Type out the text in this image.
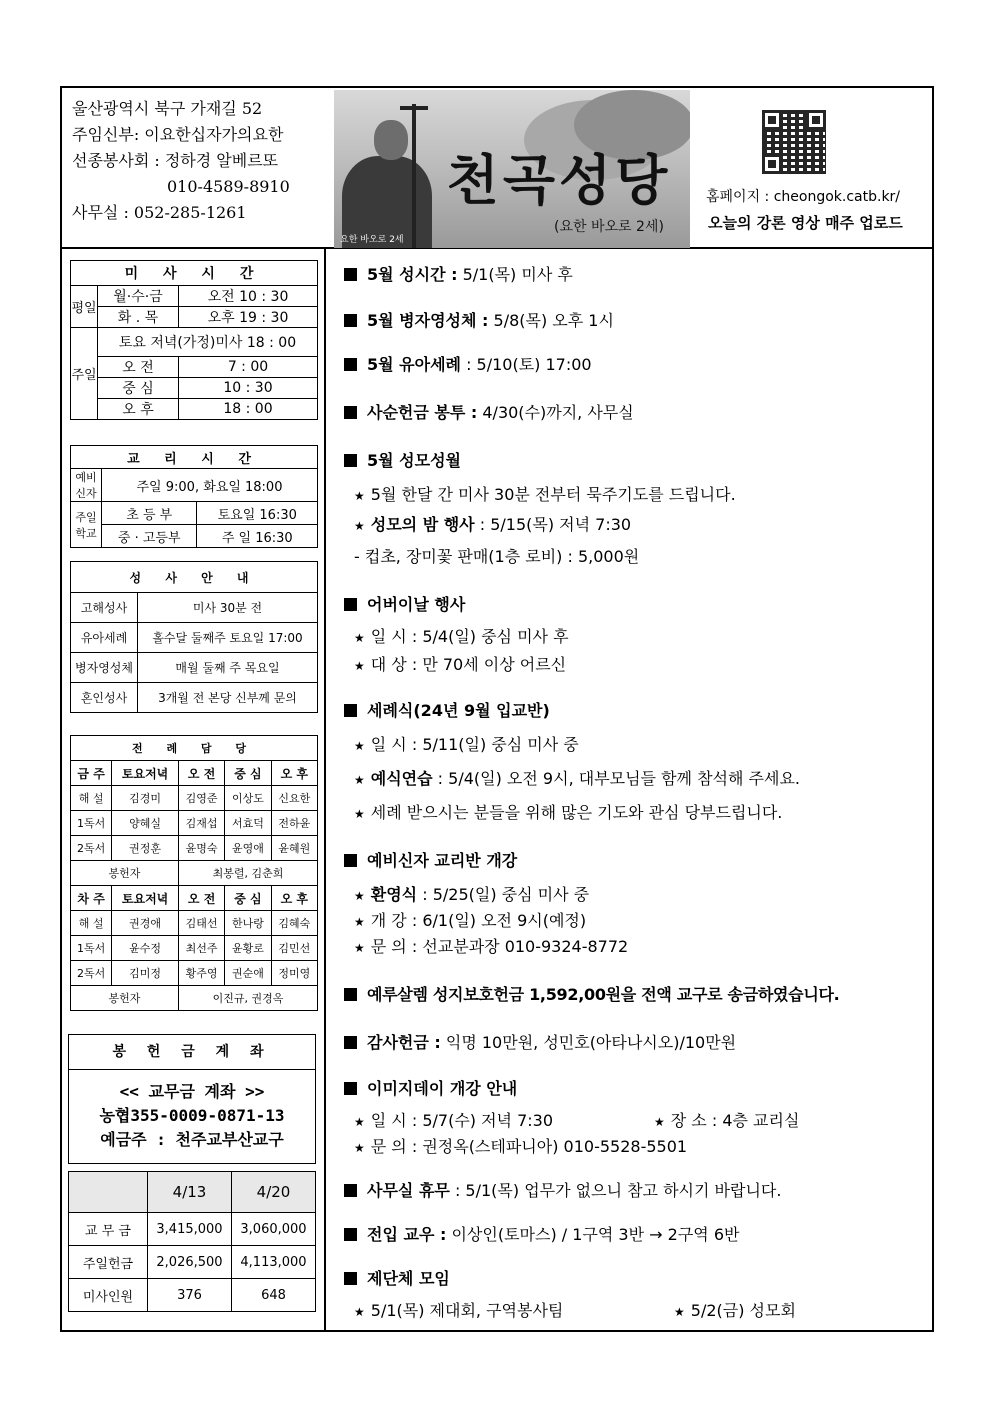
울산광역시 북구 가재길 52
주임신부: 이요한십자가의요한
선종봉사회 : 정하경 알베르또
010-4589-8910
사무실 : 052-285-1261
천곡성당
(요한 바오로 2세)
요한 바오로 2세
홈페이지 : cheongok.catb.kr/
오늘의 강론 영상 매주 업로드
미 사 시 간		
평일	월·수·금	오전 10 : 30
	화 . 목	오후 19 : 30
주일	토요 저녁(가정)미사 18 : 00	
	오 전	7 : 00
	중 심	10 : 30
	오 후	18 : 00
교 리 시 간		
예비 신자	주일 9:00, 화요일 18:00	
주일 학교	초 등 부	토요일 16:30
	중 · 고등부	주 일 16:30
성 사 안 내	
고해성사	미사 30분 전
유아세례	홀수달 둘째주 토요일 17:00
병자영성체	매월 둘째 주 목요일
혼인성사	3개월 전 본당 신부께 문의
전 례 담 당				
금 주	토요저녁	오 전	중 심	오 후
해 설	김경미	김영준	이상도	신요한
1독서	양혜실	김재섭	서효덕	전하윤
2독서	권정훈	윤명숙	윤영애	윤혜원
봉헌자		최봉렬, 김춘희		
차 주	토요저녁	오 전	중 심	오 후
해 설	권경애	김태선	한나랑	김혜숙
1독서	윤수정	최선주	윤황로	김민선
2독서	김미정	황주영	권순애	정미영
봉헌자		이진규, 권경옥		
봉 헌 금 계 좌
<< 교무금 계좌 >>
농협355-0009-0871-13
예금주 : 천주교부산교구
	4/13	4/20
교 무 금	3,415,000	3,060,000
주일헌금	2,026,500	4,113,000
미사인원	376	648
5월 성시간 : 5/1(목) 미사 후
5월 병자영성체 : 5/8(목) 오후 1시
5월 유아세례 : 5/10(토) 17:00
사순헌금 봉투 : 4/30(수)까지, 사무실
5월 성모성월
★ 5월 한달 간 미사 30분 전부터 묵주기도를 드립니다.
★ 성모의 밤 행사 : 5/15(목) 저녁 7:30
- 컵초, 장미꽃 판매(1층 로비) : 5,000원
어버이날 행사
★ 일 시 : 5/4(일) 중심 미사 후
★ 대 상 : 만 70세 이상 어르신
세례식(24년 9월 입교반)
★ 일 시 : 5/11(일) 중심 미사 중
★ 예식연습 : 5/4(일) 오전 9시, 대부모님들 함께 참석해 주세요.
★ 세례 받으시는 분들을 위해 많은 기도와 관심 당부드립니다.
예비신자 교리반 개강
★ 환영식 : 5/25(일) 중심 미사 중
★ 개 강 : 6/1(일) 오전 9시(예정)
★ 문 의 : 선교분과장 010-9324-8772
예루살렘 성지보호헌금 1,592,00원을 전액 교구로 송금하였습니다.
감사헌금 : 익명 10만원, 성민호(아타나시오)/10만원
이미지데이 개강 안내
★ 일 시 : 5/7(수) 저녁 7:30	★ 장 소 : 4층 교리실
★ 문 의 : 권정옥(스테파니아) 010-5528-5501
사무실 휴무 : 5/1(목) 업무가 없으니 참고 하시기 바랍니다.
전입 교우 : 이상인(토마스) / 1구역 3반 → 2구역 6반
제단체 모임
★ 5/1(목) 제대회, 구역봉사팀	★ 5/2(금) 성모회
